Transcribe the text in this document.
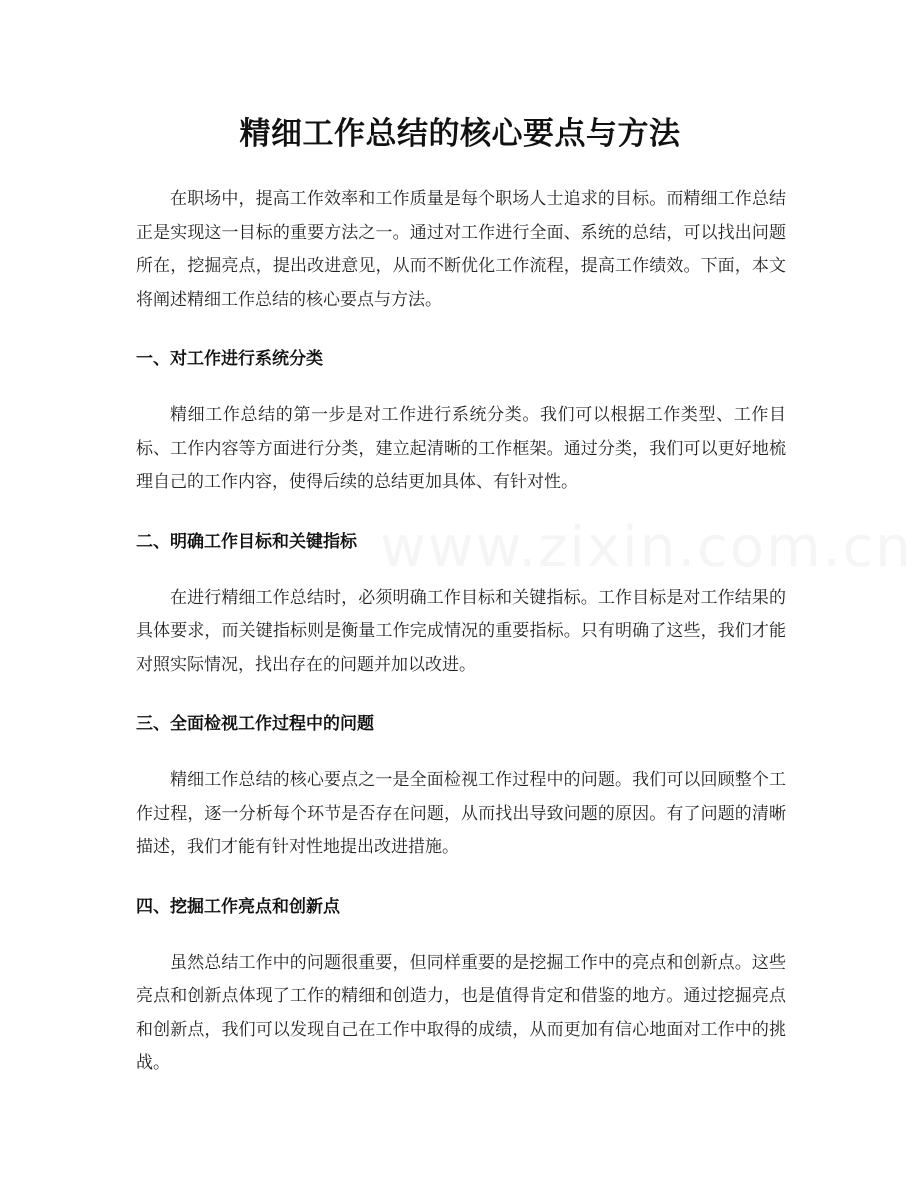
www.zixin.com.cn
精细工作总结的核心要点与方法

在职场中，提高工作效率和工作质量是每个职场人士追求的目标。而精细工作总结正是实现这一目标的重要方法之一。通过对工作进行全面、系统的总结，可以找出问题所在，挖掘亮点，提出改进意见，从而不断优化工作流程，提高工作绩效。下面，本文将阐述精细工作总结的核心要点与方法。

一、对工作进行系统分类

精细工作总结的第一步是对工作进行系统分类。我们可以根据工作类型、工作目标、工作内容等方面进行分类，建立起清晰的工作框架。通过分类，我们可以更好地梳理自己的工作内容，使得后续的总结更加具体、有针对性。

二、明确工作目标和关键指标

在进行精细工作总结时，必须明确工作目标和关键指标。工作目标是对工作结果的具体要求，而关键指标则是衡量工作完成情况的重要指标。只有明确了这些，我们才能对照实际情况，找出存在的问题并加以改进。

三、全面检视工作过程中的问题

精细工作总结的核心要点之一是全面检视工作过程中的问题。我们可以回顾整个工作过程，逐一分析每个环节是否存在问题，从而找出导致问题的原因。有了问题的清晰描述，我们才能有针对性地提出改进措施。

四、挖掘工作亮点和创新点

虽然总结工作中的问题很重要，但同样重要的是挖掘工作中的亮点和创新点。这些亮点和创新点体现了工作的精细和创造力，也是值得肯定和借鉴的地方。通过挖掘亮点和创新点，我们可以发现自己在工作中取得的成绩，从而更加有信心地面对工作中的挑战。
